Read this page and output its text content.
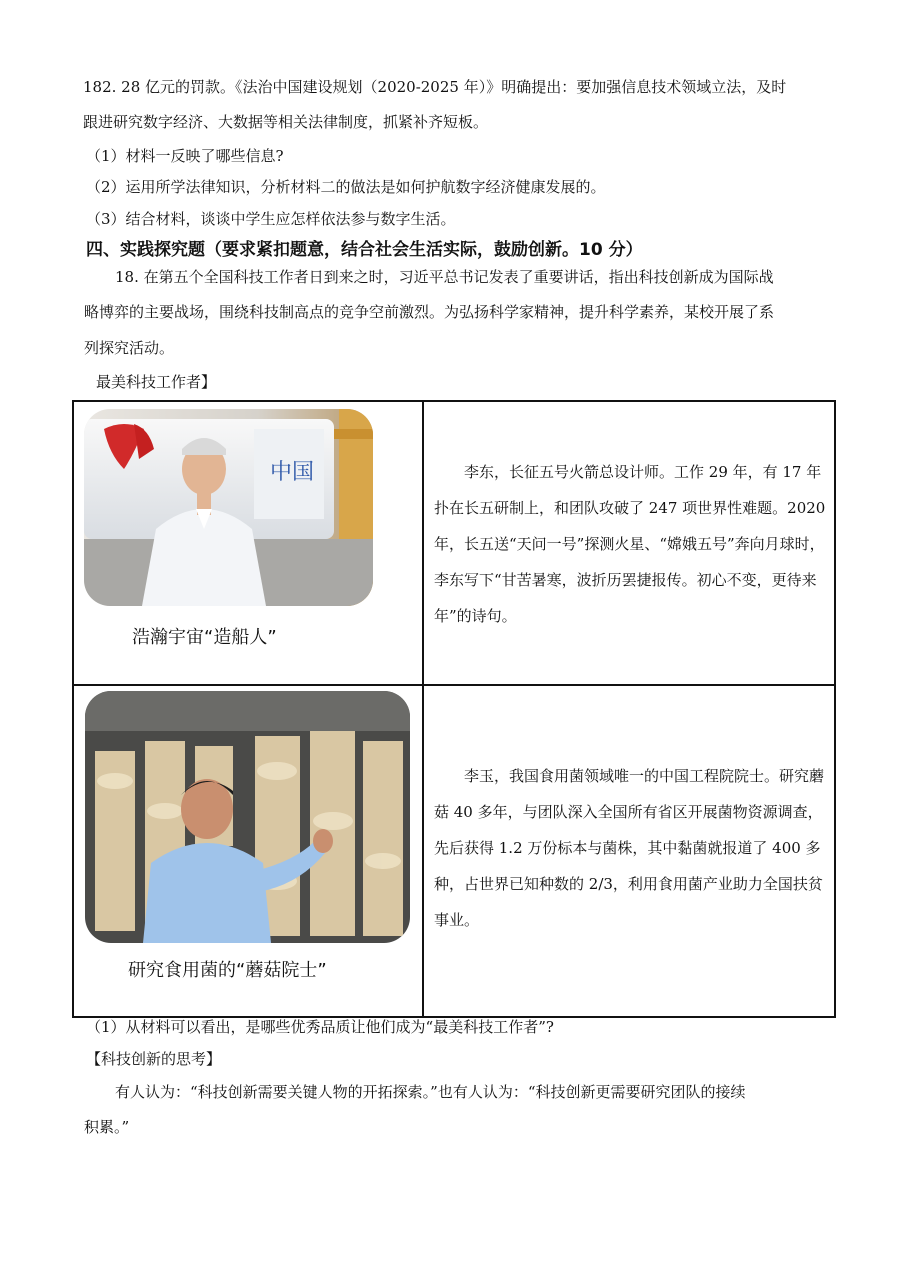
182. 28 亿元的罚款。《法治中国建设规划（2020-2025 年）》明确提出：要加强信息技术领域立法，及时
跟进研究数字经济、大数据等相关法律制度，抓紧补齐短板。
（1）材料一反映了哪些信息?
（2）运用所学法律知识，分析材料二的做法是如何护航数字经济健康发展的。
（3）结合材料，谈谈中学生应怎样依法参与数字生活。
四、实践探究题（要求紧扣题意，结合社会生活实际，鼓励创新。10 分）
18. 在第五个全国科技工作者日到来之时，习近平总书记发表了重要讲话，指出科技创新成为国际战
略博弈的主要战场，围绕科技制高点的竞争空前激烈。为弘扬科学家精神，提升科学素养，某校开展了系
列探究活动。
最美科技工作者】
中国
浩瀚宇宙“造船人”	李东，长征五号火箭总设计师。工作 29 年，有 17 年扑在长五研制上，和团队攻破了 247 项世界性难题。2020 年，长五送“天问一号”探测火星、“嫦娥五号”奔向月球时，李东写下“甘苦暑寒，波折历罢捷报传。初心不变，更待来年”的诗句。

研究食用菌的“蘑菇院士”	李玉，我国食用菌领域唯一的中国工程院院士。研究蘑菇 40 多年，与团队深入全国所有省区开展菌物资源调查，先后获得 1.2 万份标本与菌株，其中黏菌就报道了 400 多种，占世界已知种数的 2/3，利用食用菌产业助力全国扶贫事业。

（1）从材料可以看出，是哪些优秀品质让他们成为“最美科技工作者”?
【科技创新的思考】
有人认为：“科技创新需要关键人物的开拓探索。”也有人认为：“科技创新更需要研究团队的接续
积累。”
